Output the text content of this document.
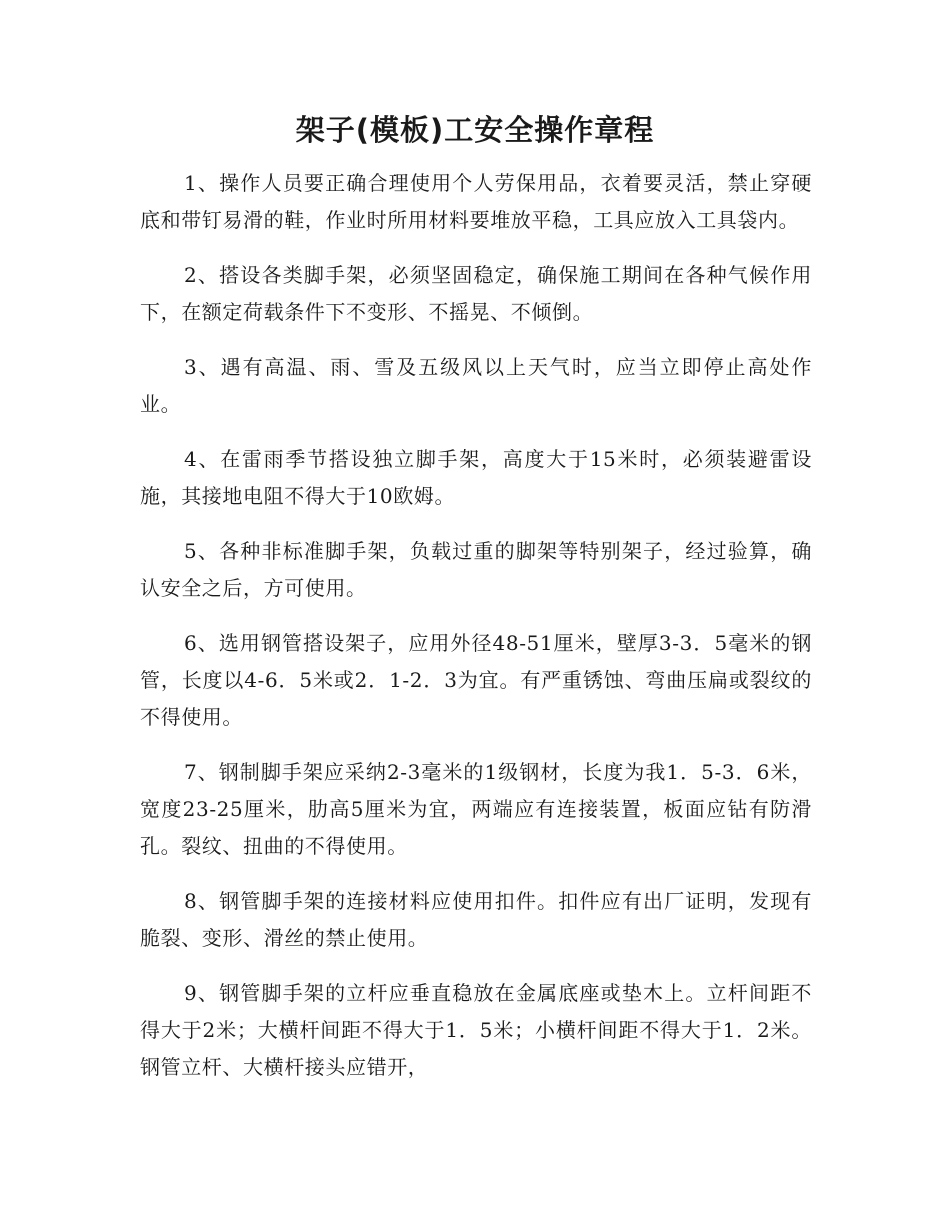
架子(模板)工安全操作章程

1、操作人员要正确合理使用个人劳保用品，衣着要灵活，禁止穿硬底和带钉易滑的鞋，作业时所用材料要堆放平稳，工具应放入工具袋内。

2、搭设各类脚手架，必须坚固稳定，确保施工期间在各种气候作用下，在额定荷载条件下不变形、不摇晃、不倾倒。

3、遇有高温、雨、雪及五级风以上天气时，应当立即停止高处作业。

4、在雷雨季节搭设独立脚手架，高度大于15米时，必须装避雷设施，其接地电阻不得大于10欧姆。

5、各种非标准脚手架，负载过重的脚架等特别架子，经过验算，确认安全之后，方可使用。

6、选用钢管搭设架子，应用外径48-51厘米，壁厚3-3．5毫米的钢管，长度以4-6．5米或2．1-2．3为宜。有严重锈蚀、弯曲压扁或裂纹的不得使用。

7、钢制脚手架应采纳2-3毫米的1级钢材，长度为我1．5-3．6米，宽度23-25厘米，肋高5厘米为宜，两端应有连接装置，板面应钻有防滑孔。裂纹、扭曲的不得使用。

8、钢管脚手架的连接材料应使用扣件。扣件应有出厂证明，发现有脆裂、变形、滑丝的禁止使用。

9、钢管脚手架的立杆应垂直稳放在金属底座或垫木上。立杆间距不得大于2米；大横杆间距不得大于1．5米；小横杆间距不得大于1．2米。钢管立杆、大横杆接头应错开，
